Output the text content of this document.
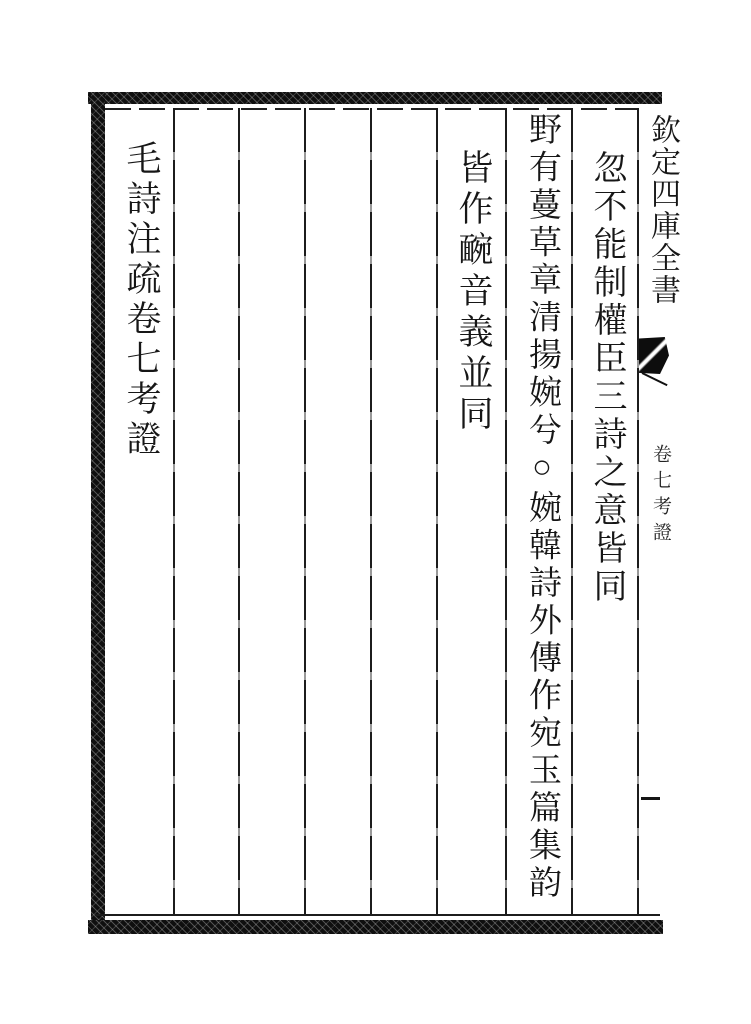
欽定四庫全書
卷七考證
忽不能制權臣三詩之意皆同
野有蔓草章清揚婉兮○婉韓詩外傳作宛玉篇集韵
皆作䩊音義並同
毛詩注疏卷七考證
